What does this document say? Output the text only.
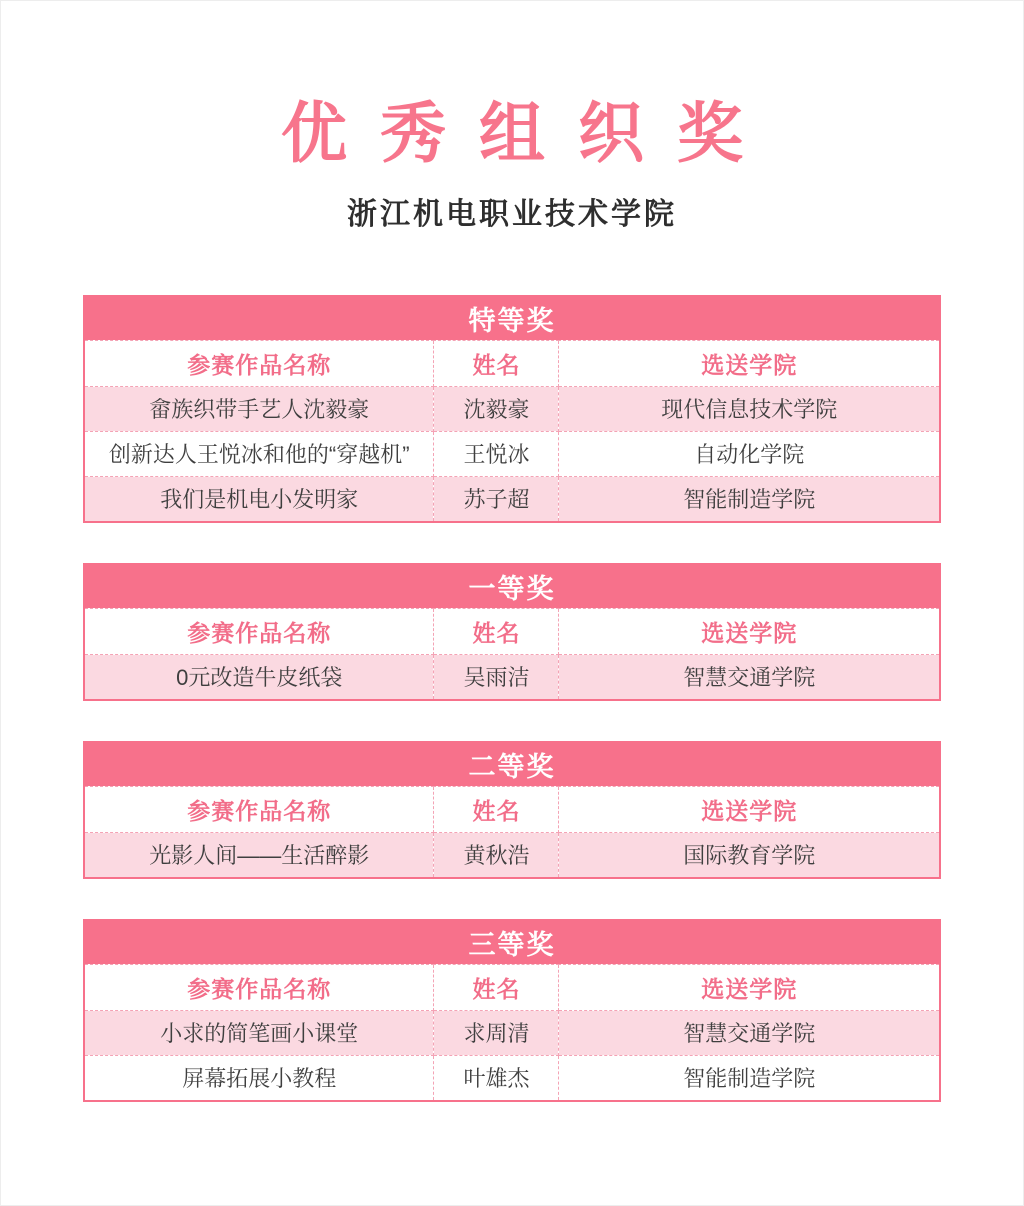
优秀组织奖
浙江机电职业技术学院
特等奖		
参赛作品名称	姓名	选送学院
畲族织带手艺人沈毅豪	沈毅豪	现代信息技术学院
创新达人王悦冰和他的“穿越机”	王悦冰	自动化学院
我们是机电小发明家	苏子超	智能制造学院
一等奖		
参赛作品名称	姓名	选送学院
0元改造牛皮纸袋	吴雨洁	智慧交通学院
二等奖		
参赛作品名称	姓名	选送学院
光影人间——生活醉影	黄秋浩	国际教育学院
三等奖		
参赛作品名称	姓名	选送学院
小求的简笔画小课堂	求周清	智慧交通学院
屏幕拓展小教程	叶雄杰	智能制造学院
